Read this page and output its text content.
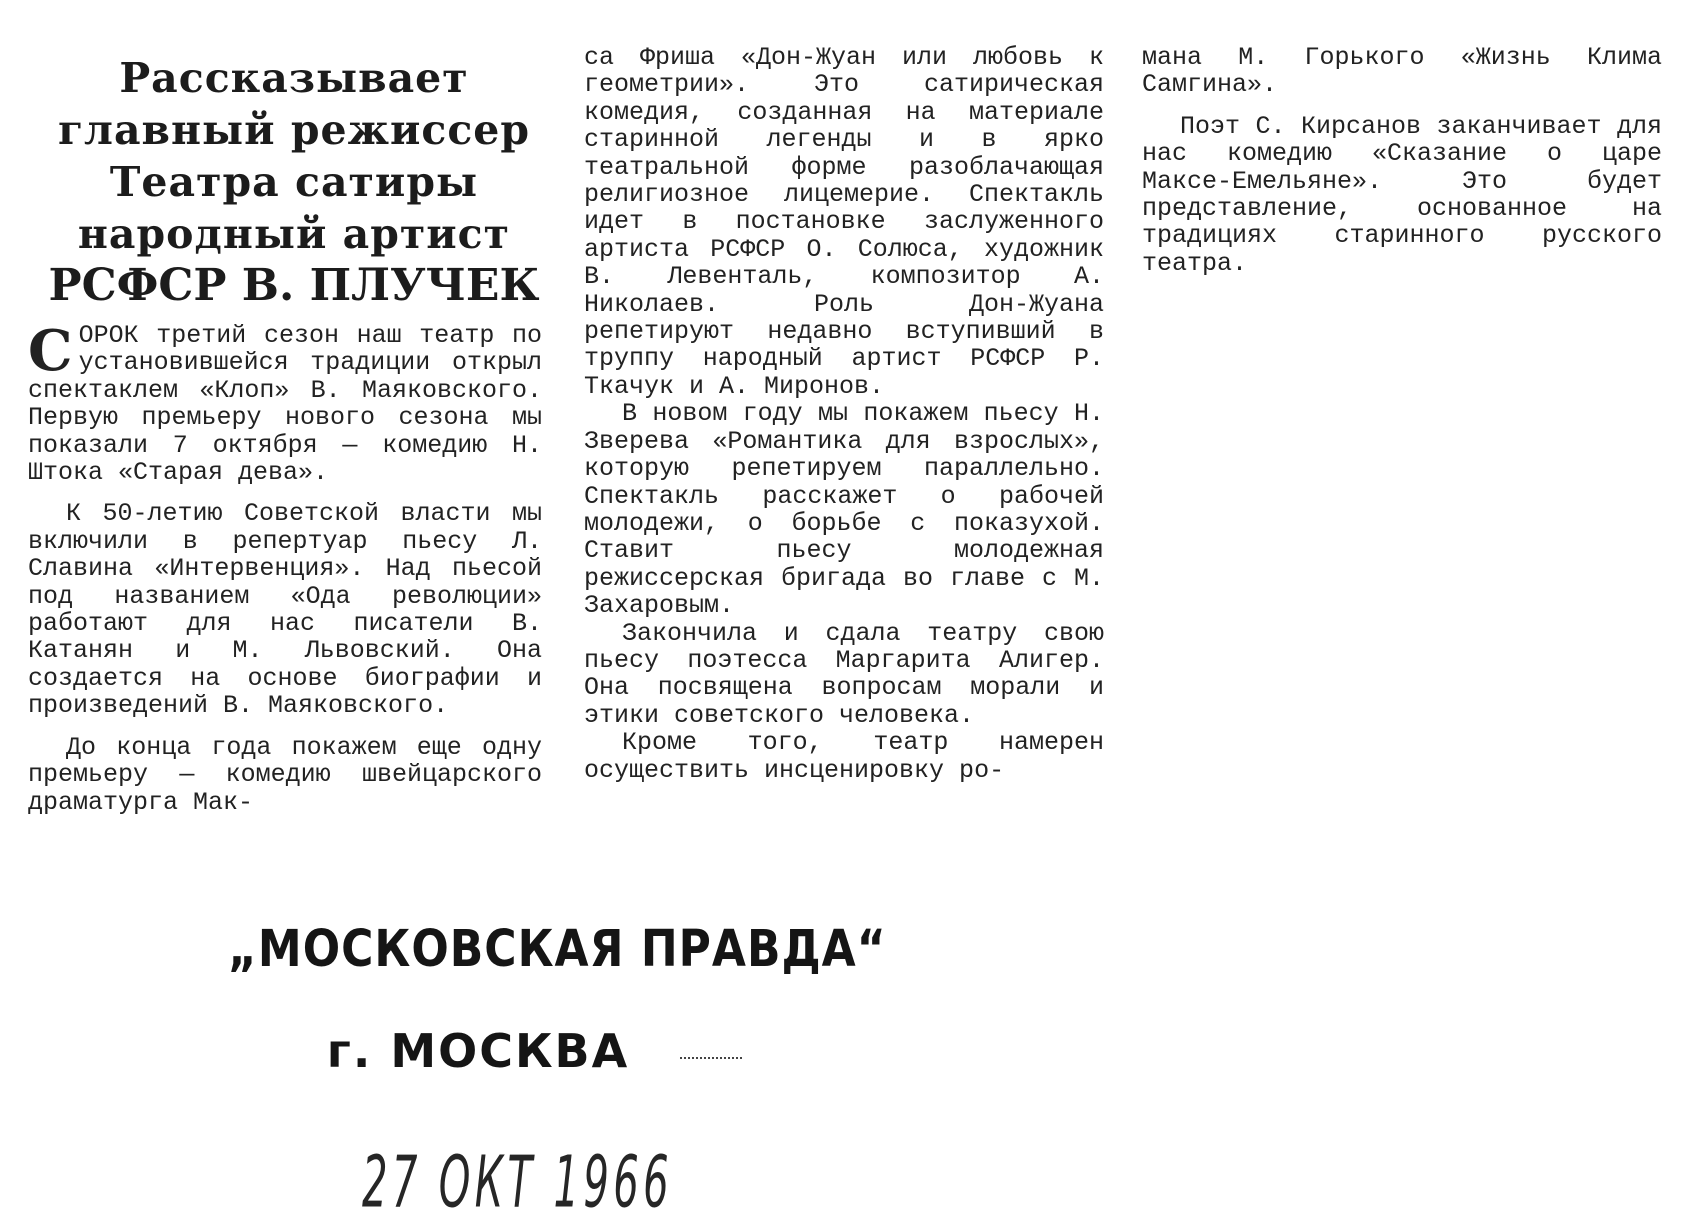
Рассказывает
главный режиссер
Театра сатиры
народный артист
РСФСР В. ПЛУЧЕК

СОРОК третий сезон наш театр по установившейся традиции открыл спектаклем «Клоп» В. Маяковского. Первую премьеру нового сезона мы показали 7 октября — комедию Н. Штока «Старая дева».

К 50-летию Советской власти мы включили в репертуар пьесу Л. Славина «Интервенция». Над пьесой под названием «Ода революции» работают для нас писатели В. Катанян и М. Львовский. Она создается на основе биографии и произведений В. Маяковского.

До конца года покажем еще одну премьеру — комедию швейцарского драматурга Мак-

са Фриша «Дон-Жуан или любовь к геометрии». Это сатирическая комедия, созданная на материале старинной легенды и в ярко театральной форме разоблачающая религиозное лицемерие. Спектакль идет в постановке заслуженного артиста РСФСР О. Солюса, художник В. Левенталь, композитор А. Николаев. Роль Дон-Жуана репетируют недавно вступивший в труппу народный артист РСФСР Р. Ткачук и А. Миронов.

В новом году мы покажем пьесу Н. Зверева «Романтика для взрослых», которую репетируем параллельно. Спектакль расскажет о рабочей молодежи, о борьбе с показухой. Ставит пьесу молодежная режиссерская бригада во главе с М. Захаровым.

Закончила и сдала театру свою пьесу поэтесса Маргарита Алигер. Она посвящена вопросам морали и этики советского человека.

Кроме того, театр намерен осуществить инсценировку ро-

мана М. Горького «Жизнь Клима Самгина».

Поэт С. Кирсанов заканчивает для нас комедию «Сказание о царе Максе-Емельяне». Это будет представление, основанное на традициях старинного русского театра.

„МОСКОВСКАЯ ПРАВДА“
г. МОСКВА
27 ОКТ 1966
